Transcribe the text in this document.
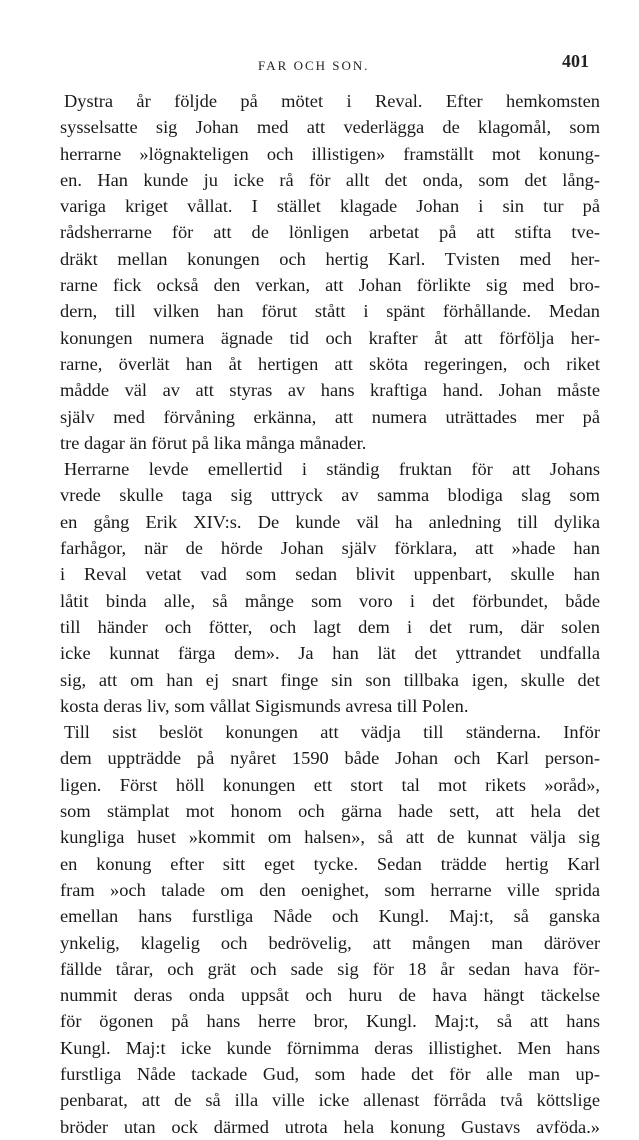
FAR OCH SON.	401
Dystra år följde på mötet i Reval. Efter hemkomsten
sysselsatte sig Johan med att vederlägga de klagomål, som
herrarne »lögnakteligen och illistigen» framställt mot konung-
en. Han kunde ju icke rå för allt det onda, som det lång-
variga kriget vållat. I stället klagade Johan i sin tur på
rådsherrarne för att de lönligen arbetat på att stifta tve-
dräkt mellan konungen och hertig Karl. Tvisten med her-
rarne fick också den verkan, att Johan förlikte sig med bro-
dern, till vilken han förut stått i spänt förhållande. Medan
konungen numera ägnade tid och krafter åt att förfölja her-
rarne, överlät han åt hertigen att sköta regeringen, och riket
mådde väl av att styras av hans kraftiga hand. Johan måste
själv med förvåning erkänna, att numera uträttades mer på
tre dagar än förut på lika många månader.
Herrarne levde emellertid i ständig fruktan för att Johans
vrede skulle taga sig uttryck av samma blodiga slag som
en gång Erik XIV:s. De kunde väl ha anledning till dylika
farhågor, när de hörde Johan själv förklara, att »hade han
i Reval vetat vad som sedan blivit uppenbart, skulle han
låtit binda alle, så månge som voro i det förbundet, både
till händer och fötter, och lagt dem i det rum, där solen
icke kunnat färga dem». Ja han lät det yttrandet undfalla
sig, att om han ej snart finge sin son tillbaka igen, skulle det
kosta deras liv, som vållat Sigismunds avresa till Polen.
Till sist beslöt konungen att vädja till ständerna. Inför
dem uppträdde på nyåret 1590 både Johan och Karl person-
ligen. Först höll konungen ett stort tal mot rikets »oråd»,
som stämplat mot honom och gärna hade sett, att hela det
kungliga huset »kommit om halsen», så att de kunnat välja sig
en konung efter sitt eget tycke. Sedan trädde hertig Karl
fram »och talade om den oenighet, som herrarne ville sprida
emellan hans furstliga Nåde och Kungl. Maj:t, så ganska
ynkelig, klagelig och bedrövelig, att mången man däröver
fällde tårar, och grät och sade sig för 18 år sedan hava för-
nummit deras onda uppsåt och huru de hava hängt täckelse
för ögonen på hans herre bror, Kungl. Maj:t, så att hans
Kungl. Maj:t icke kunde förnimma deras illistighet. Men hans
furstliga Nåde tackade Gud, som hade det för alle man up-
penbarat, att de så illa ville icke allenast förråda två köttslige
bröder utan ock därmed utrota hela konung Gustavs avföda.»
